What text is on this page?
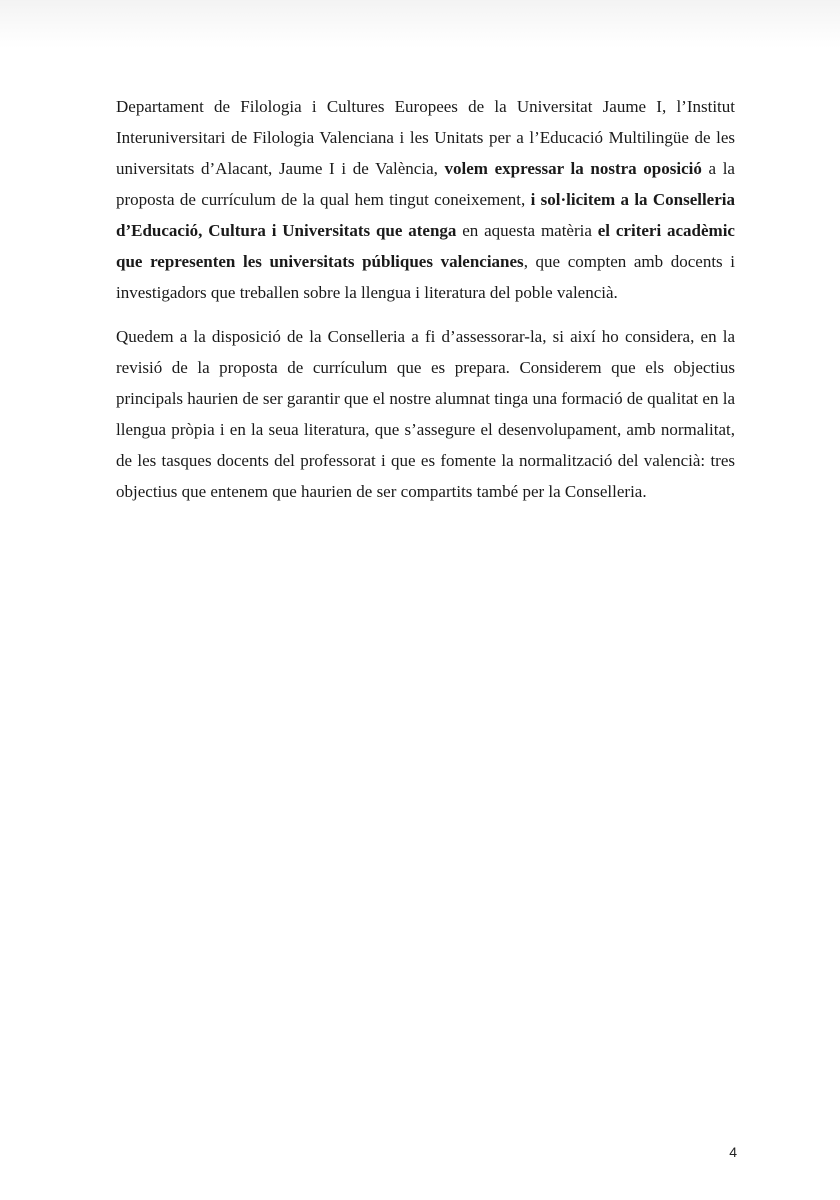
Departament de Filologia i Cultures Europees de la Universitat Jaume I, l’Institut Interuniversitari de Filologia Valenciana i les Unitats per a l’Educació Multilingüe de les universitats d’Alacant, Jaume I i de València, volem expressar la nostra oposició a la proposta de currículum de la qual hem tingut coneixement, i sol·licitem a la Conselleria d’Educació, Cultura i Universitats que atenga en aquesta matèria el criteri acadèmic que representen les universitats públiques valencianes, que compten amb docents i investigadors que treballen sobre la llengua i literatura del poble valencià.

Quedem a la disposició de la Conselleria a fi d’assessorar-la, si així ho considera, en la revisió de la proposta de currículum que es prepara. Considerem que els objectius principals haurien de ser garantir que el nostre alumnat tinga una formació de qualitat en la llengua pròpia i en la seua literatura, que s’assegure el desenvolupament, amb normalitat, de les tasques docents del professorat i que es fomente la normalització del valencià: tres objectius que entenem que haurien de ser compartits també per la Conselleria.

4
